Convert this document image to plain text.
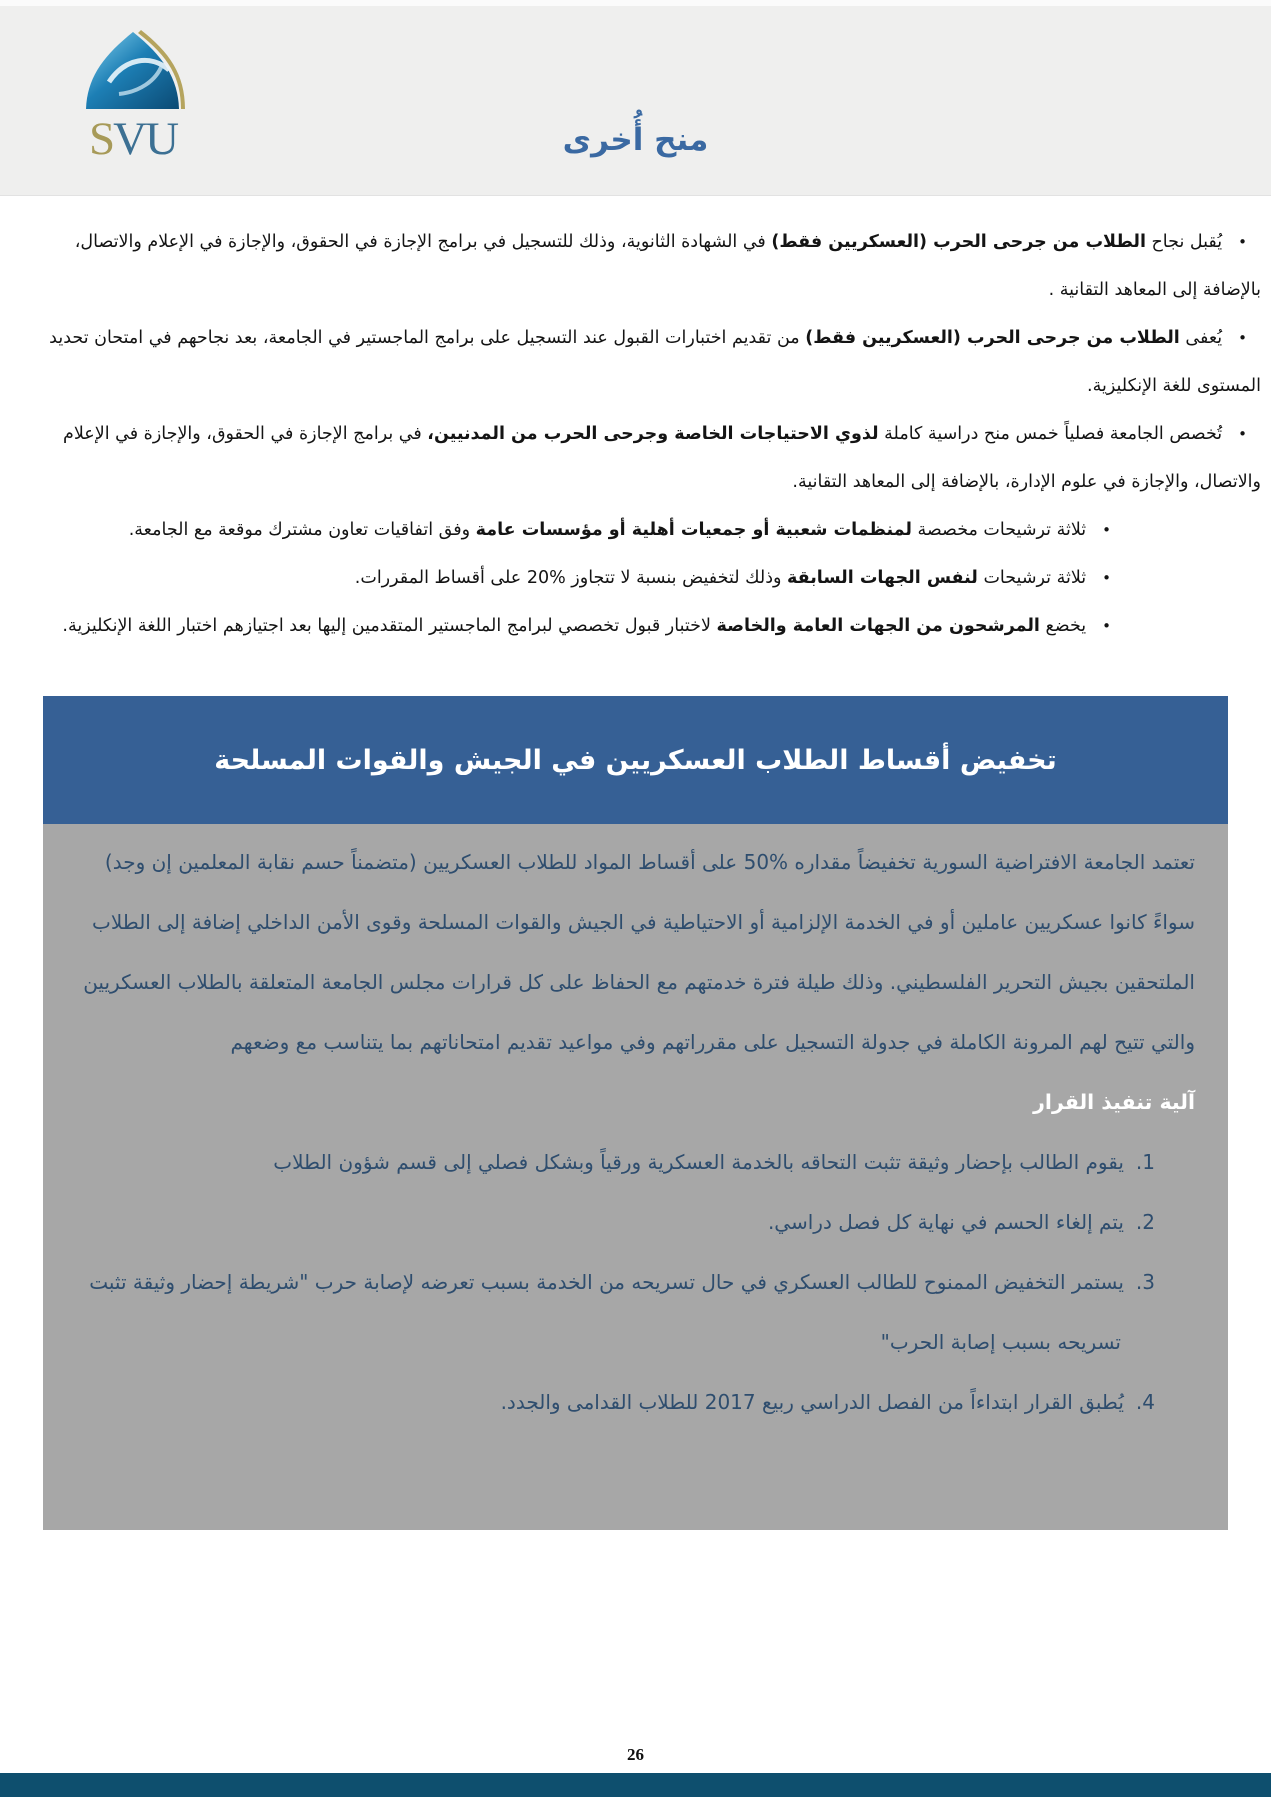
SVU	منح أُخرى
•يُقبل نجاح الطلاب من جرحى الحرب (العسكريين فقط) في الشهادة الثانوية، وذلك للتسجيل في برامج الإجازة في الحقوق، والإجازة في الإعلام والاتصال، بالإضافة إلى المعاهد التقانية .
•يُعفى الطلاب من جرحى الحرب (العسكريين فقط) من تقديم اختبارات القبول عند التسجيل على برامج الماجستير في الجامعة، بعد نجاحهم في امتحان تحديد المستوى للغة الإنكليزية.
•تُخصص الجامعة فصلياً خمس منح دراسية كاملة لذوي الاحتياجات الخاصة وجرحى الحرب من المدنيين، في برامج الإجازة في الحقوق، والإجازة في الإعلام والاتصال، والإجازة في علوم الإدارة، بالإضافة إلى المعاهد التقانية.
•ثلاثة ترشيحات مخصصة لمنظمات شعبية أو جمعيات أهلية أو مؤسسات عامة وفق اتفاقيات تعاون مشترك موقعة مع الجامعة.
•ثلاثة ترشيحات لنفس الجهات السابقة وذلك لتخفيض بنسبة لا تتجاوز %20 على أقساط المقررات.
•يخضع المرشحون من الجهات العامة والخاصة لاختبار قبول تخصصي لبرامج الماجستير المتقدمين إليها بعد اجتيازهم اختبار اللغة الإنكليزية.
تخفيض أقساط الطلاب العسكريين في الجيش والقوات المسلحة

تعتمد الجامعة الافتراضية السورية تخفيضاً مقداره %50 على أقساط المواد للطلاب العسكريين (متضمناً حسم نقابة المعلمين إن وجد) سواءً كانوا عسكريين عاملين أو في الخدمة الإلزامية أو الاحتياطية في الجيش والقوات المسلحة وقوى الأمن الداخلي إضافة إلى الطلاب الملتحقين بجيش التحرير الفلسطيني. وذلك طيلة فترة خدمتهم مع الحفاظ على كل قرارات مجلس الجامعة المتعلقة بالطلاب العسكريين والتي تتيح لهم المرونة الكاملة في جدولة التسجيل على مقرراتهم وفي مواعيد تقديم امتحاناتهم بما يتناسب مع وضعهم

آلية تنفيذ القرار
1.يقوم الطالب بإحضار وثيقة تثبت التحاقه بالخدمة العسكرية ورقياً وبشكل فصلي إلى قسم شؤون الطلاب
2.يتم إلغاء الحسم في نهاية كل فصل دراسي.
3.يستمر التخفيض الممنوح للطالب العسكري في حال تسريحه من الخدمة بسبب تعرضه لإصابة حرب "شريطة إحضار وثيقة تثبت تسريحه بسبب إصابة الحرب"
4.يُطبق القرار ابتداءاً من الفصل الدراسي ربيع 2017 للطلاب القدامى والجدد.
26
